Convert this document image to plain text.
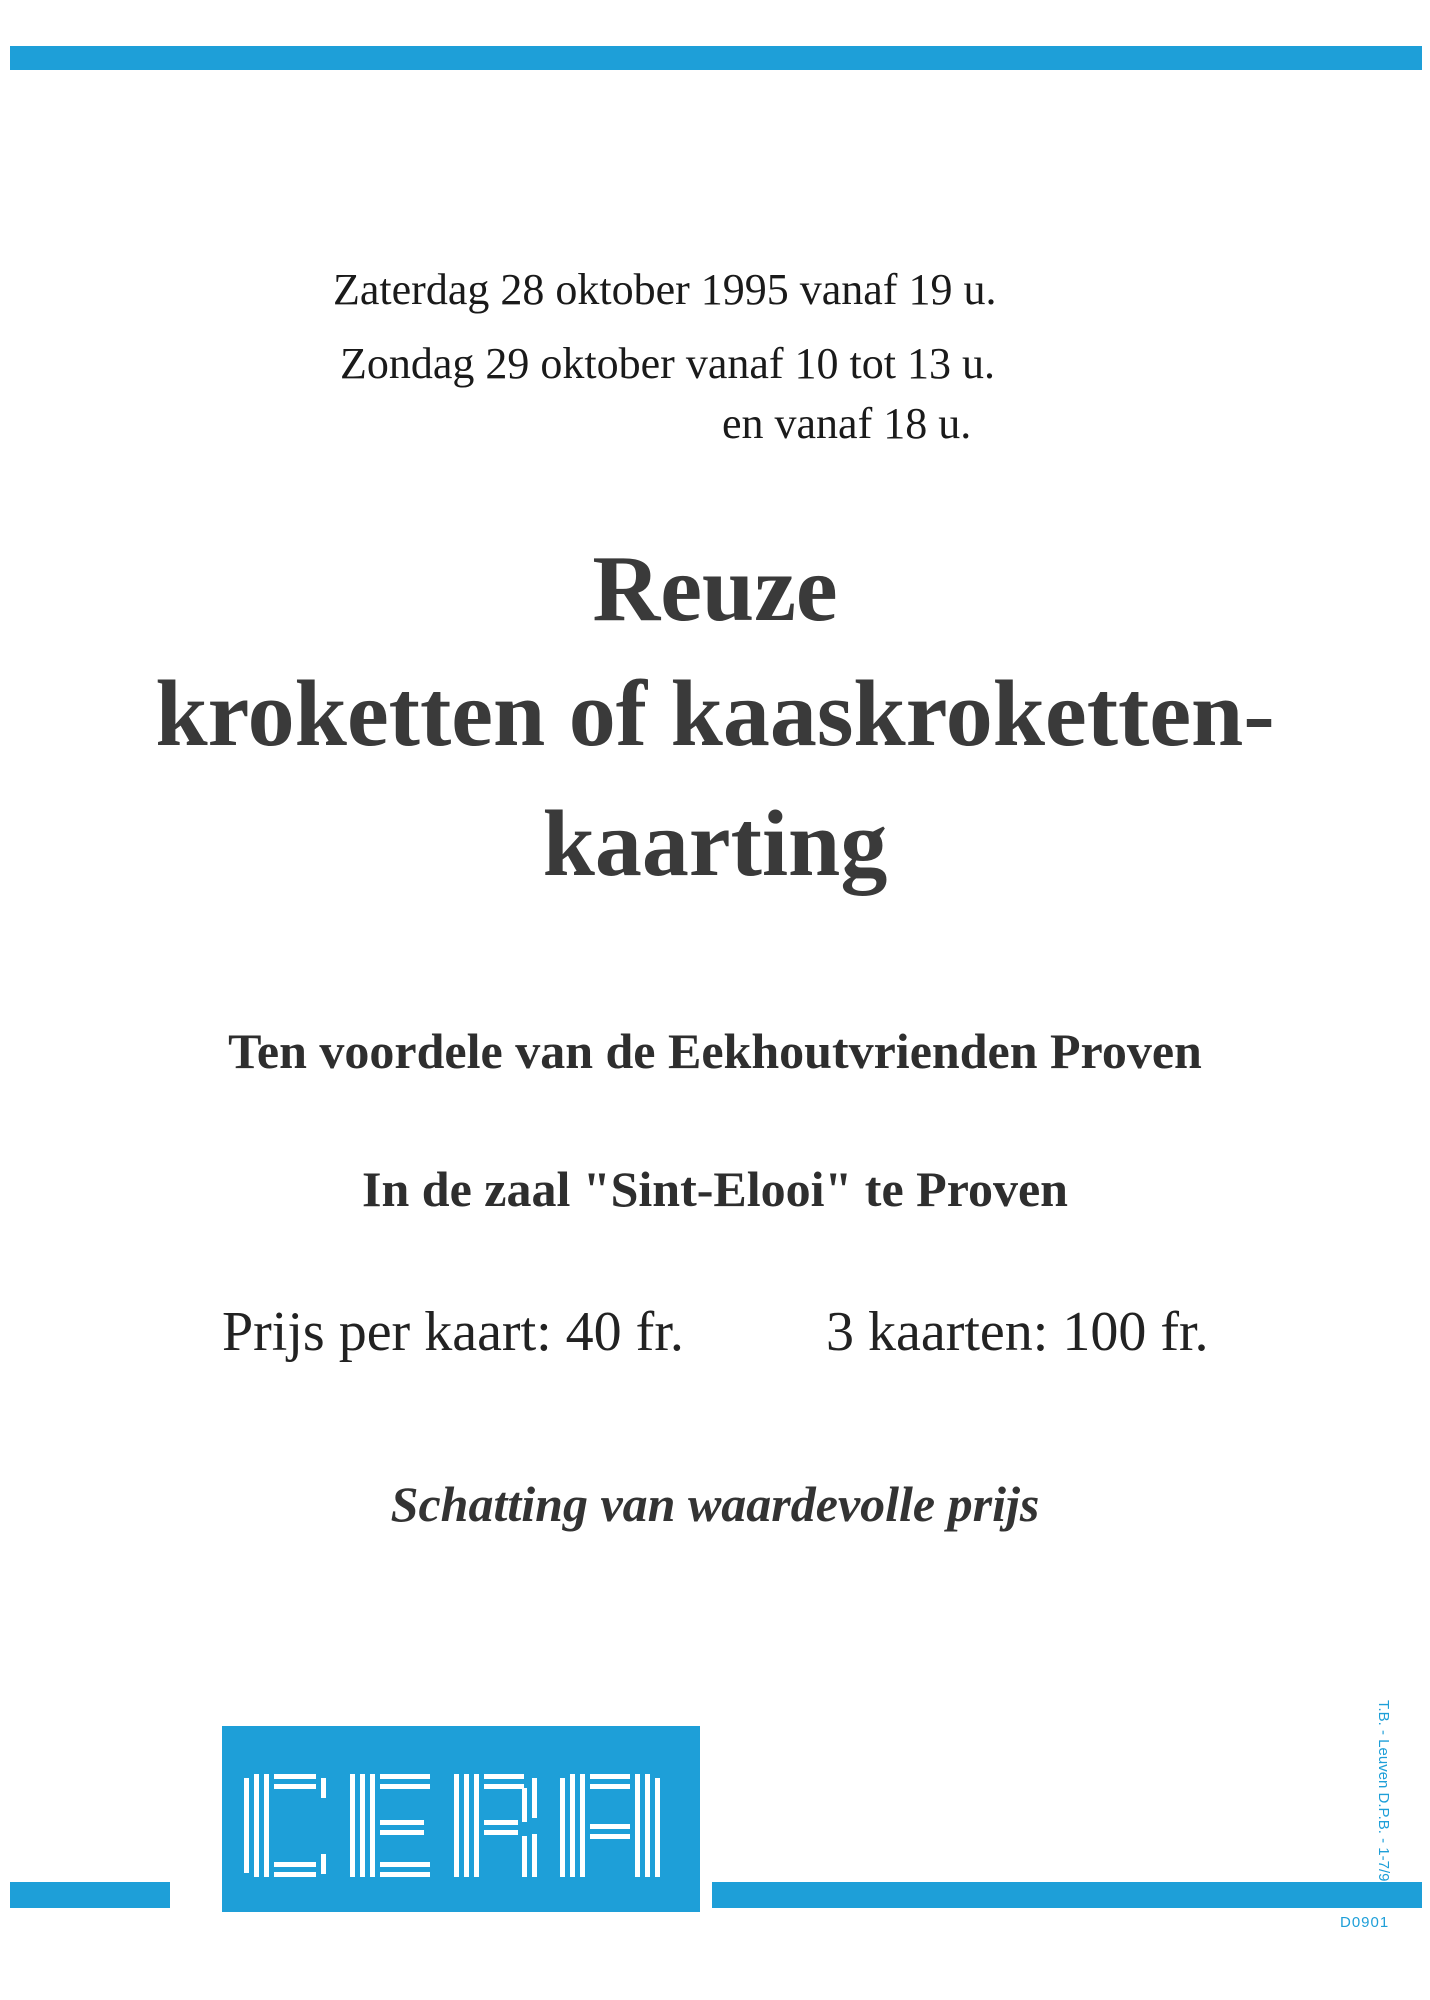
Zaterdag 28 oktober 1995 vanaf 19 u.
Zondag 29 oktober vanaf 10 tot 13 u.
en vanaf 18 u.
Reuze
kroketten of kaaskroketten-
kaarting
Ten voordele van de Eekhoutvrienden Proven
In de zaal "Sint-Elooi" te Proven
Prijs per kaart: 40 fr.	3 kaarten: 100 fr.
Schatting van waardevolle prijs
T.B. - Leuven D.P.B. - 1-7/93
D0901
